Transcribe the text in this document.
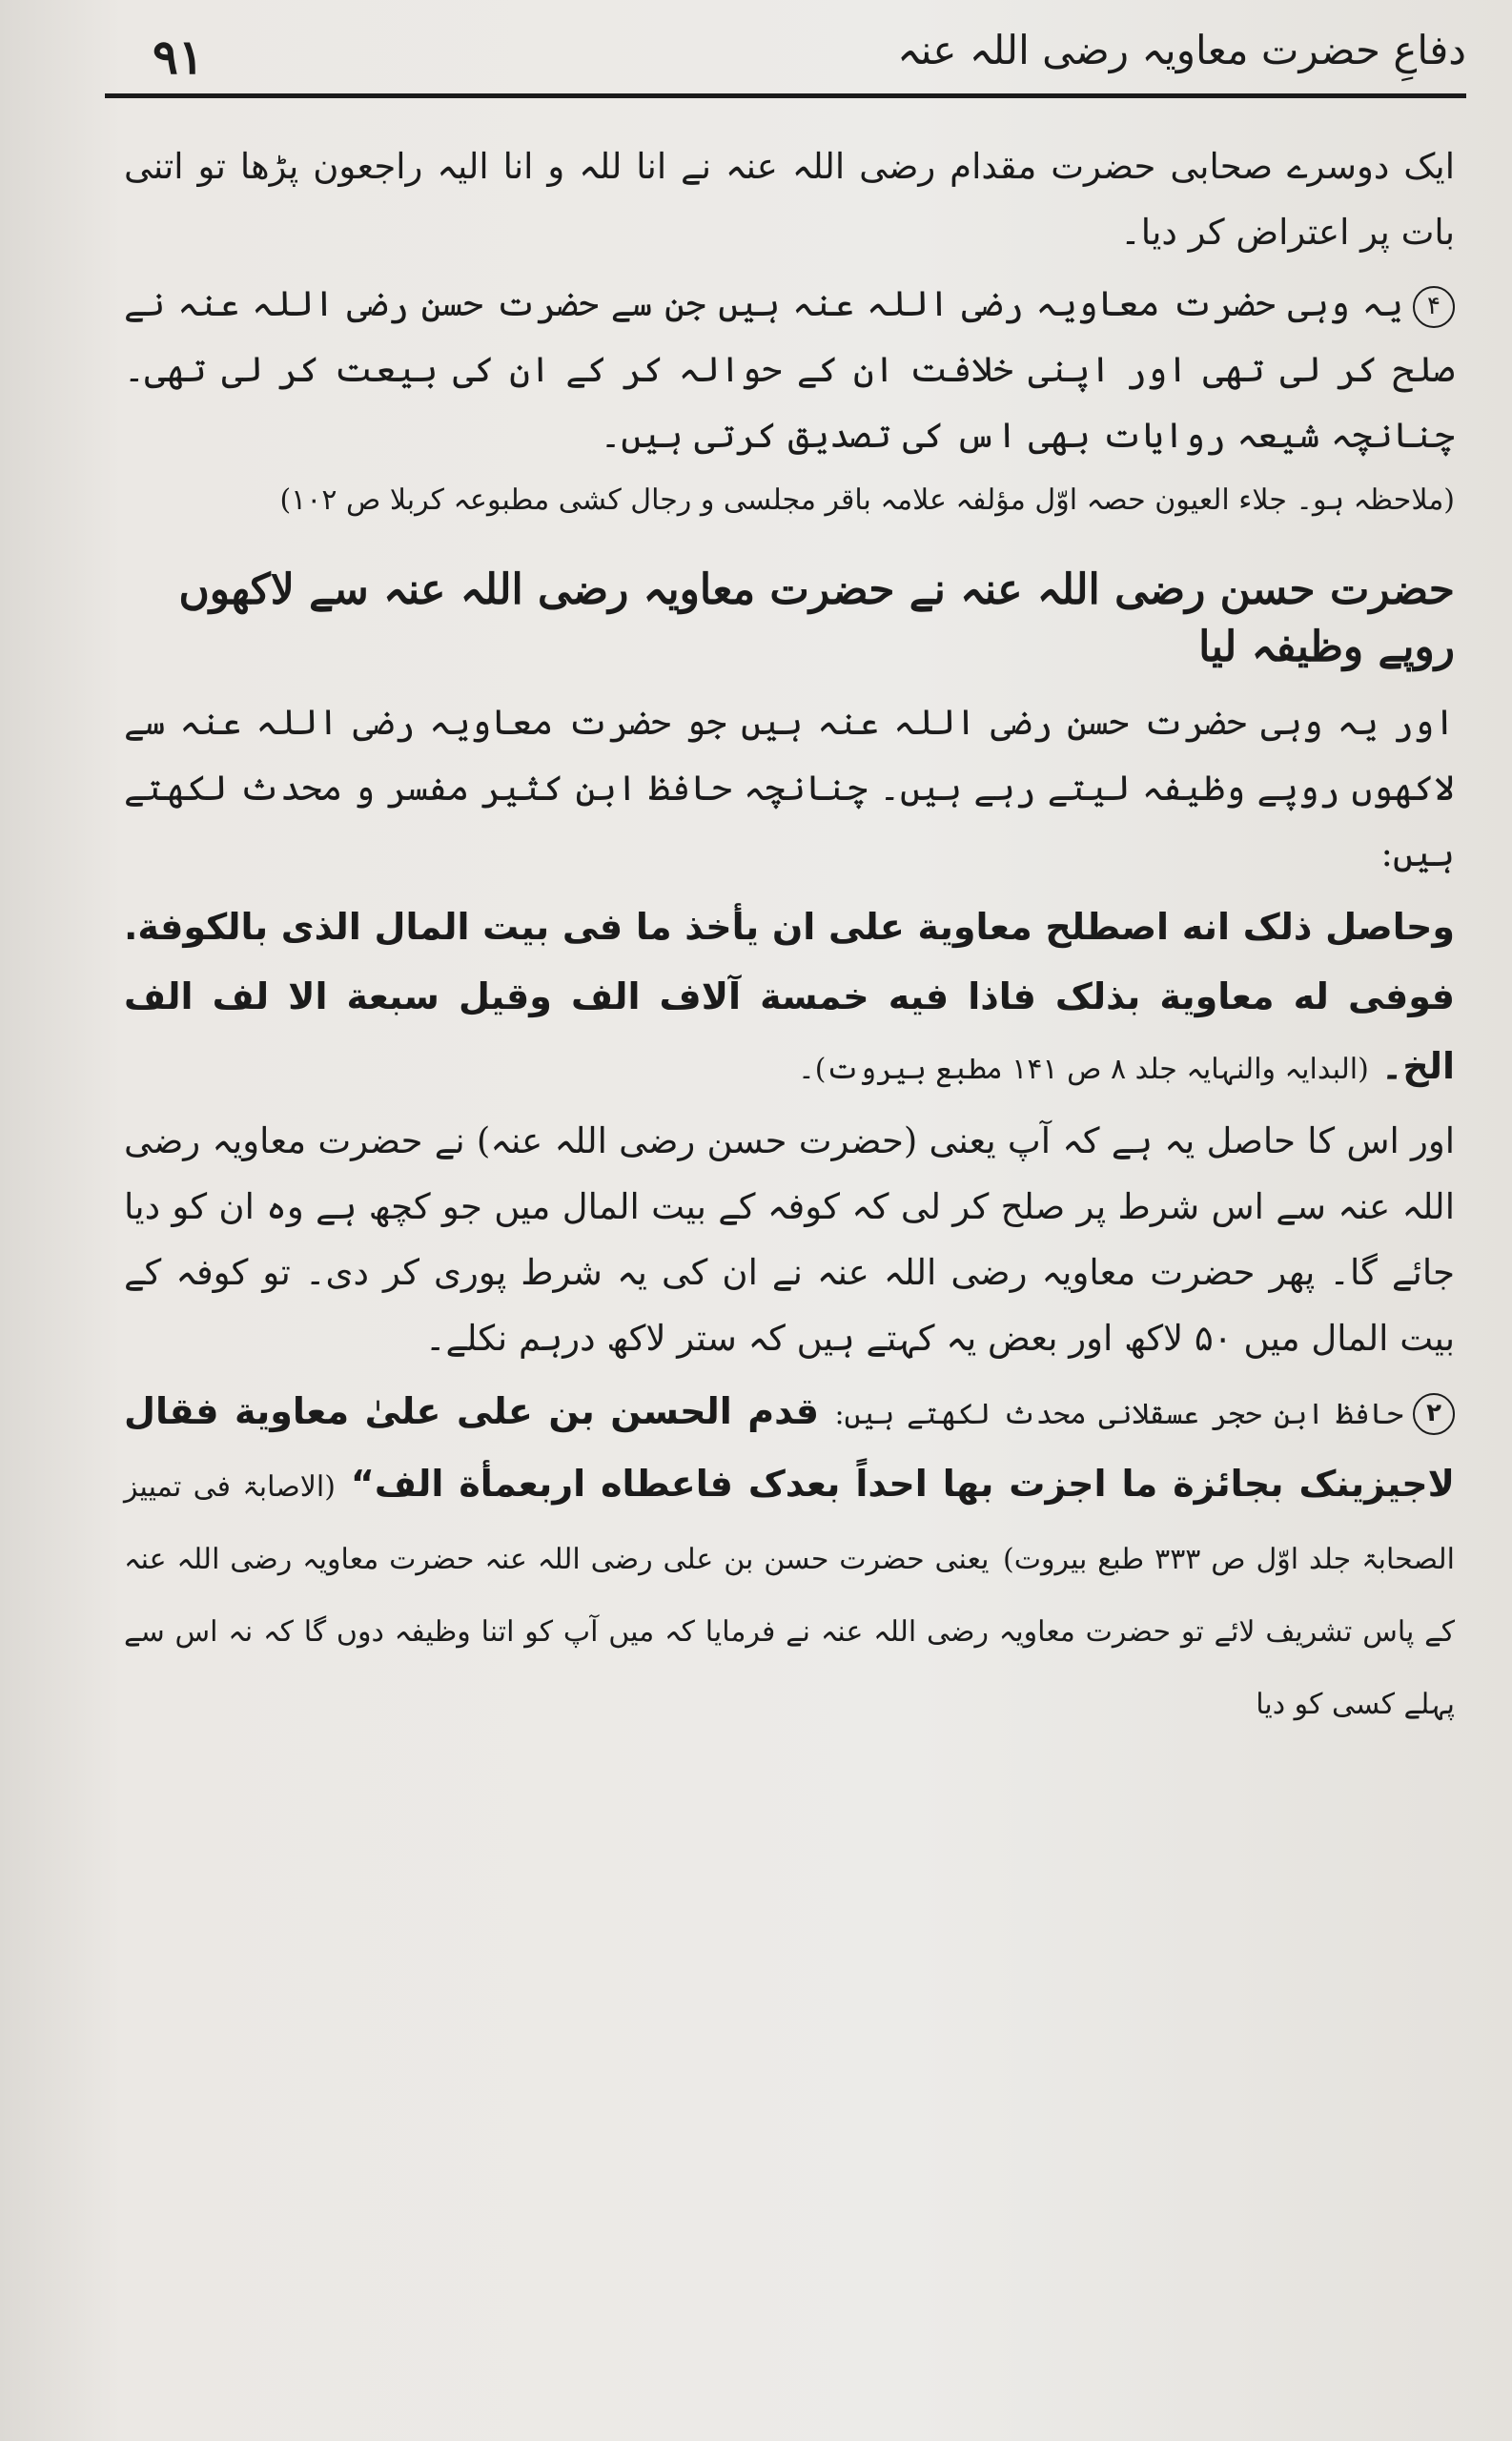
٩١	دفاعِ حضرت معاویہ رضی اللہ عنہ

ایک دوسرے صحابی حضرت مقدام رضی اللہ عنہ نے انا للہ و انا الیہ راجعون پڑھا تو اتنی بات پر اعتراض کر دیا۔

۴یہ وہی حضرت معاویہ رضی اللہ عنہ ہیں جن سے حضرت حسن رضی اللہ عنہ نے صلح کر لی تھی اور اپنی خلافت ان کے حوالہ کر کے ان کی بیعت کر لی تھی۔ چنانچہ شیعہ روایات بھی اس کی تصدیق کرتی ہیں۔

(ملاحظہ ہو۔ جلاء العیون حصہ اوّل مؤلفہ علامہ باقر مجلسی و رجال کشی مطبوعہ کربلا ص ۱۰۲)

حضرت حسن رضی اللہ عنہ نے حضرت معاویہ رضی اللہ عنہ سے لاکھوں روپے وظیفہ لیا

اور یہ وہی حضرت حسن رضی اللہ عنہ ہیں جو حضرت معاویہ رضی اللہ عنہ سے لاکھوں روپے وظیفہ لیتے رہے ہیں۔ چنانچہ حافظ ابن کثیر مفسر و محدث لکھتے ہیں:

وحاصل ذلک انه اصطلح معاوية علی ان یأخذ ما فی بیت المال الذی بالکوفة. فوفی له معاوية بذلک فاذا فیه خمسة آلاف الف وقیل سبعة الا لف الف الخ۔ (البدایہ والنہایہ جلد ۸ ص ۱۴۱ مطبع بیروت)۔

اور اس کا حاصل یہ ہے کہ آپ یعنی (حضرت حسن رضی اللہ عنہ) نے حضرت معاویہ رضی اللہ عنہ سے اس شرط پر صلح کر لی کہ کوفہ کے بیت المال میں جو کچھ ہے وہ ان کو دیا جائے گا۔ پھر حضرت معاویہ رضی اللہ عنہ نے ان کی یہ شرط پوری کر دی۔ تو کوفہ کے بیت المال میں ۵۰ لاکھ اور بعض یہ کہتے ہیں کہ ستر لاکھ درہم نکلے۔

۲حافظ ابن حجر عسقلانی محدث لکھتے ہیں: قدم الحسن بن علی علیٰ معاوية فقال لاجیزینک بجائزة ما اجزت بها احداً بعدک فاعطاه اربعمأة الف“ (الاصابۃ فی تمییز الصحابۃ جلد اوّل ص ۳۳۳ طبع بیروت) یعنی حضرت حسن بن علی رضی اللہ عنہ حضرت معاویہ رضی اللہ عنہ کے پاس تشریف لائے تو حضرت معاویہ رضی اللہ عنہ نے فرمایا کہ میں آپ کو اتنا وظیفہ دوں گا کہ نہ اس سے پہلے کسی کو دیا
